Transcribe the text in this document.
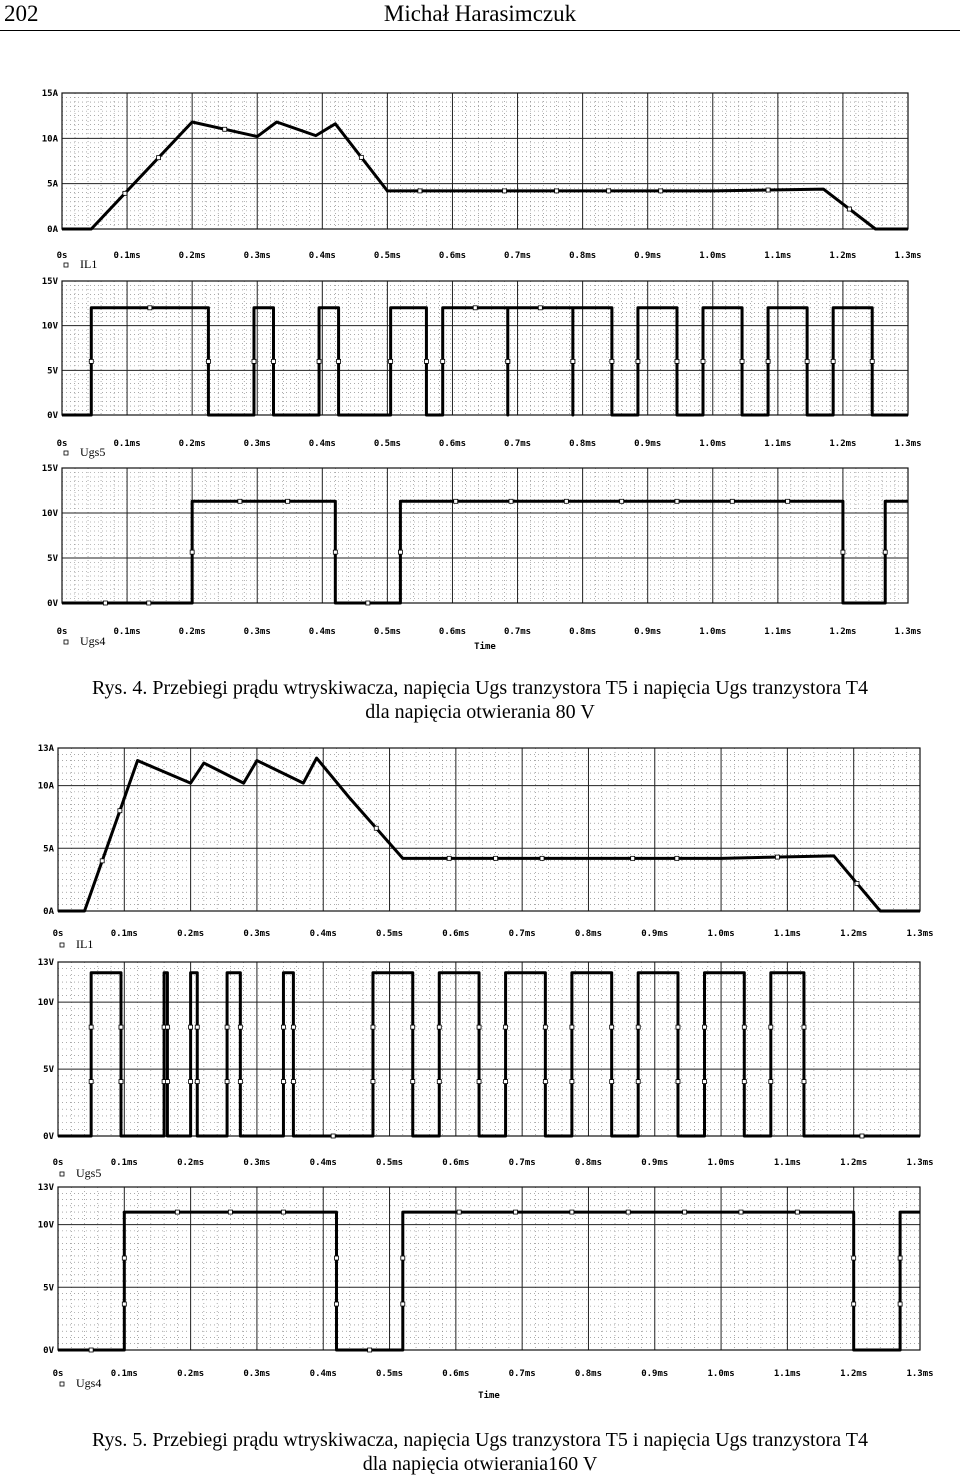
202	Michał Harasimczuk
0A
5A
10A
15A
0s	0.1ms	0.2ms	0.3ms	0.4ms	0.5ms	0.6ms	0.7ms	0.8ms	0.9ms	1.0ms	1.1ms	1.2ms	1.3ms
IL1
0V
5V
10V
15V
0s	0.1ms	0.2ms	0.3ms	0.4ms	0.5ms	0.6ms	0.7ms	0.8ms	0.9ms	1.0ms	1.1ms	1.2ms	1.3ms
Ugs5
0V
5V
10V
15V
0s	0.1ms	0.2ms	0.3ms	0.4ms	0.5ms	0.6ms	0.7ms	0.8ms	0.9ms	1.0ms	1.1ms	1.2ms	1.3ms
Ugs4	Time
0A
5A
10A
13A
0s	0.1ms	0.2ms	0.3ms	0.4ms	0.5ms	0.6ms	0.7ms	0.8ms	0.9ms	1.0ms	1.1ms	1.2ms	1.3ms
IL1
0V
5V
10V
13V
0s	0.1ms	0.2ms	0.3ms	0.4ms	0.5ms	0.6ms	0.7ms	0.8ms	0.9ms	1.0ms	1.1ms	1.2ms	1.3ms
Ugs5
0V
5V
10V
13V
0s	0.1ms	0.2ms	0.3ms	0.4ms	0.5ms	0.6ms	0.7ms	0.8ms	0.9ms	1.0ms	1.1ms	1.2ms	1.3ms
Ugs4
Time
Rys. 4. Przebiegi prądu wtryskiwacza, napięcia Ugs tranzystora T5 i napięcia Ugs tranzystora T4
dla napięcia otwierania 80 V
Rys. 5. Przebiegi prądu wtryskiwacza, napięcia Ugs tranzystora T5 i napięcia Ugs tranzystora T4
dla napięcia otwierania160 V
